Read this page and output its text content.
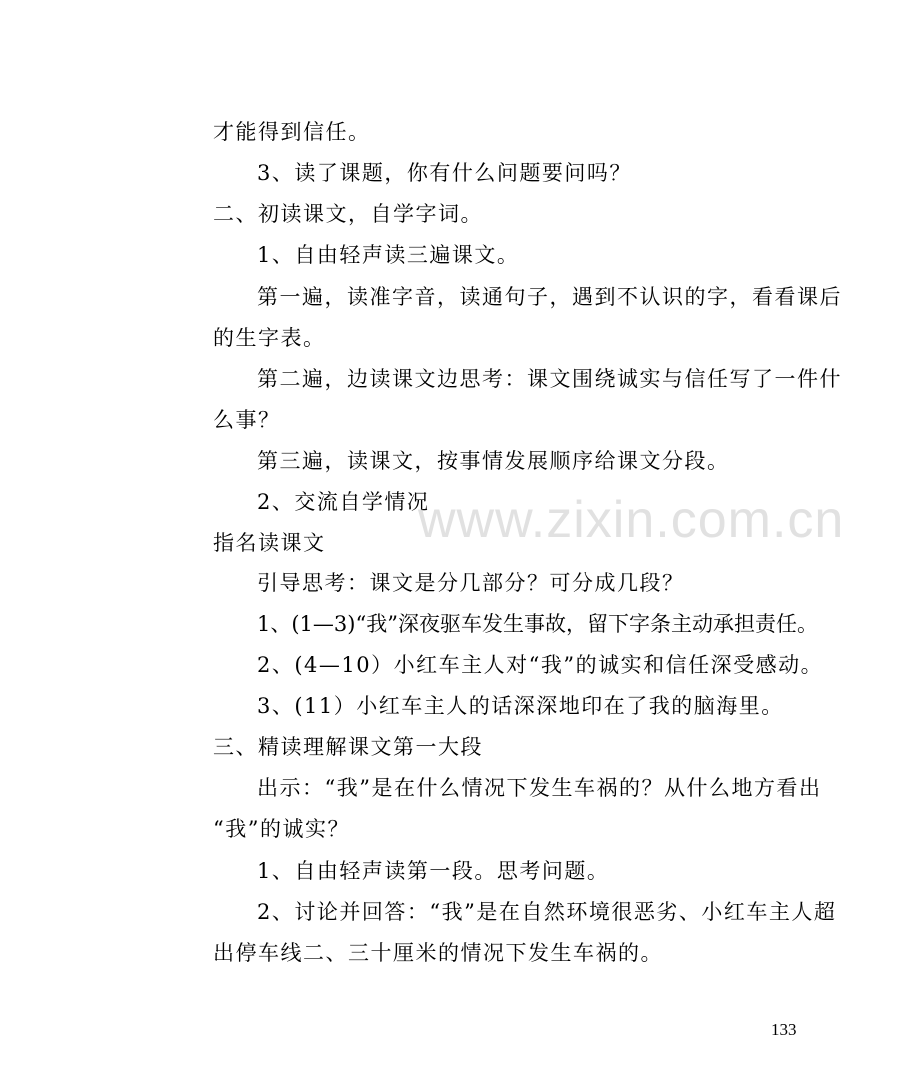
才能得到信任。
3、读了课题，你有什么问题要问吗？
二、初读课文，自学字词。
1、自由轻声读三遍课文。
第一遍，读准字音，读通句子，遇到不认识的字，看看课后
的生字表。
第二遍，边读课文边思考：课文围绕诚实与信任写了一件什
么事？
第三遍，读课文，按事情发展顺序给课文分段。
2、交流自学情况
指名读课文
引导思考：课文是分几部分？可分成几段？
1、(1—3)“我”深夜驱车发生事故，留下字条主动承担责任。
2、(4—10）小红车主人对“我”的诚实和信任深受感动。
3、(11）小红车主人的话深深地印在了我的脑海里。
三、精读理解课文第一大段
出示：“我”是在什么情况下发生车祸的？从什么地方看出
“我”的诚实？
1、自由轻声读第一段。思考问题。
2、讨论并回答：“我”是在自然环境很恶劣、小红车主人超
出停车线二、三十厘米的情况下发生车祸的。
www.zixin.com.cn
133
